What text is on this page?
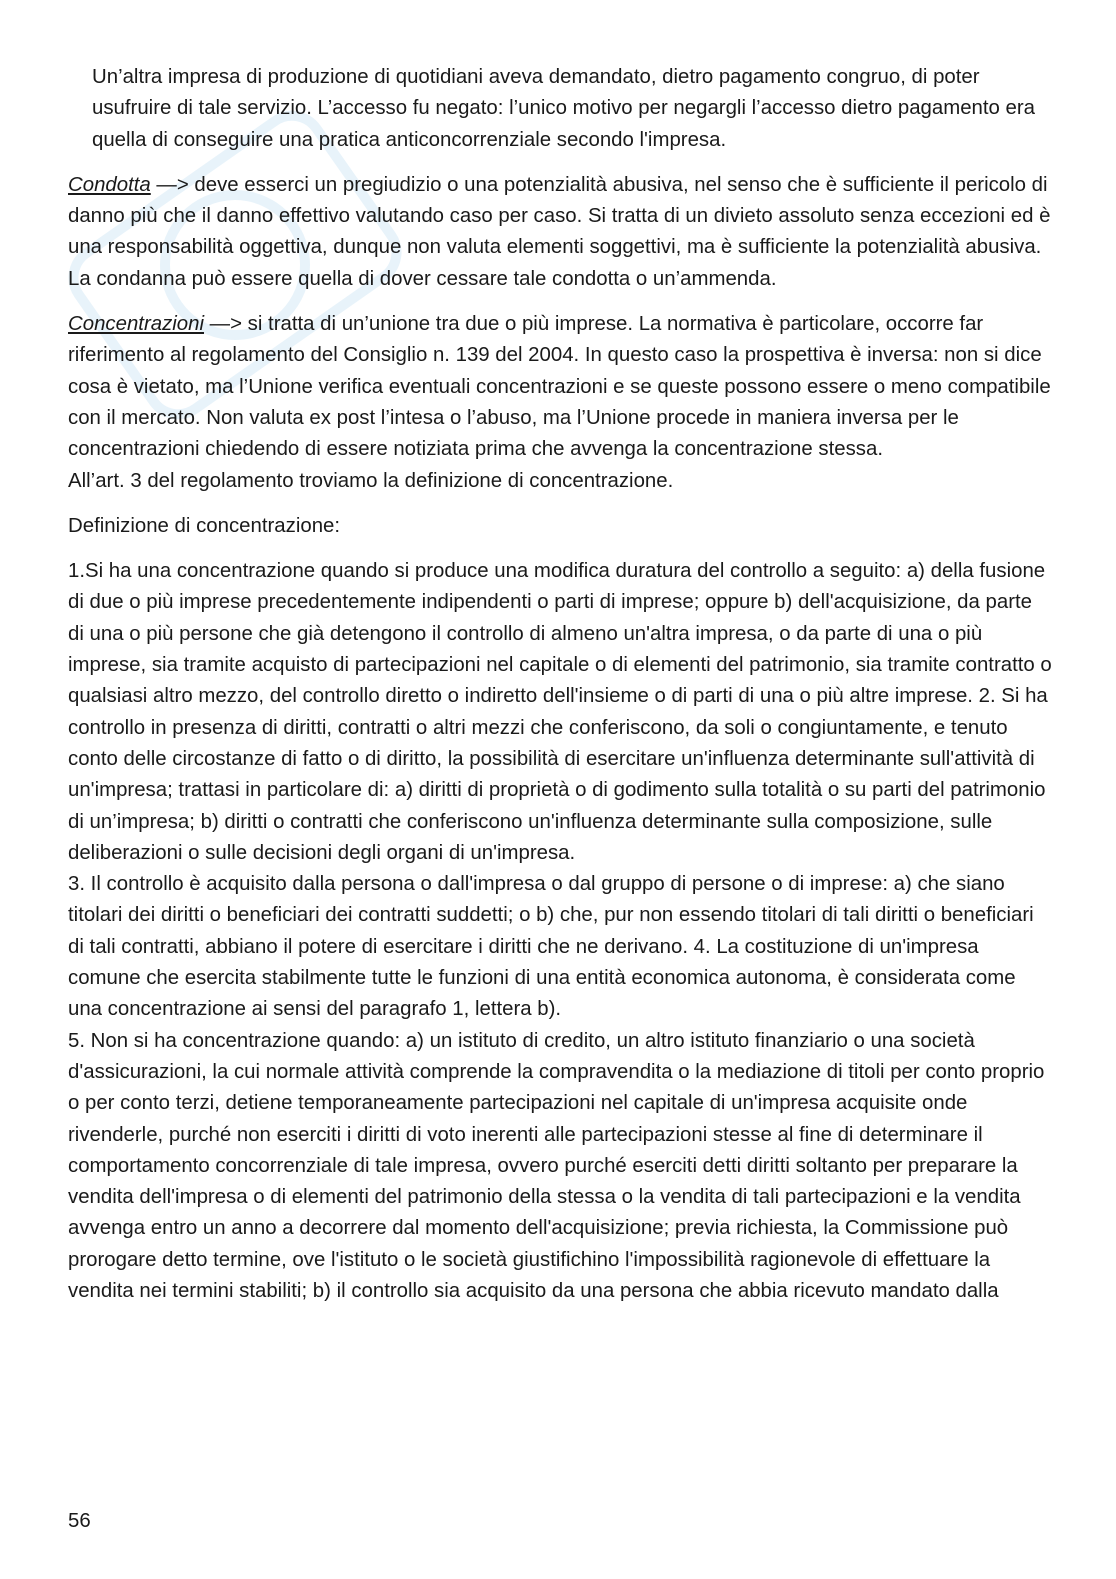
Un’altra impresa di produzione di quotidiani aveva demandato, dietro pagamento congruo, di poter usufruire di tale servizio. L’accesso fu negato: l’unico motivo per negargli l’accesso dietro pagamento era quella di conseguire una pratica anticoncorrenziale secondo l'impresa.

Condotta —> deve esserci un pregiudizio o una potenzialità abusiva, nel senso che è sufficiente il pericolo di danno più che il danno effettivo valutando caso per caso. Si tratta di un divieto assoluto senza eccezioni ed è una responsabilità oggettiva, dunque non valuta elementi soggettivi, ma è sufficiente la potenzialità abusiva. La condanna può essere quella di dover cessare tale condotta o un’ammenda.

Concentrazioni —> si tratta di un’unione tra due o più imprese. La normativa è particolare, occorre far riferimento al regolamento del Consiglio n. 139 del 2004. In questo caso la prospettiva è inversa: non si dice cosa è vietato, ma l’Unione verifica eventuali concentrazioni e se queste possono essere o meno compatibile con il mercato. Non valuta ex post l’intesa o l’abuso, ma l’Unione procede in maniera inversa per le concentrazioni chiedendo di essere notiziata prima che avvenga la concentrazione stessa.

All’art. 3 del regolamento troviamo la definizione di concentrazione.

Definizione di concentrazione:

1.Si ha una concentrazione quando si produce una modifica duratura del controllo a seguito: a) della fusione di due o più imprese precedentemente indipendenti o parti di imprese; oppure b) dell'acquisizione, da parte di una o più persone che già detengono il controllo di almeno un'altra impresa, o da parte di una o più imprese, sia tramite acquisto di partecipazioni nel capitale o di elementi del patrimonio, sia tramite contratto o qualsiasi altro mezzo, del controllo diretto o indiretto dell'insieme o di parti di una o più altre imprese. 2. Si ha controllo in presenza di diritti, contratti o altri mezzi che conferiscono, da soli o congiuntamente, e tenuto conto delle circostanze di fatto o di diritto, la possibilità di esercitare un'influenza determinante sull'attività di un'impresa; trattasi in particolare di: a) diritti di proprietà o di godimento sulla totalità o su parti del patrimonio di un’impresa; b) diritti o contratti che conferiscono un'influenza determinante sulla composizione, sulle deliberazioni o sulle decisioni degli organi di un'impresa.

3. Il controllo è acquisito dalla persona o dall'impresa o dal gruppo di persone o di imprese: a) che siano titolari dei diritti o beneficiari dei contratti suddetti; o b) che, pur non essendo titolari di tali diritti o beneficiari di tali contratti, abbiano il potere di esercitare i diritti che ne derivano. 4. La costituzione di un'impresa comune che esercita stabilmente tutte le funzioni di una entità economica autonoma, è considerata come una concentrazione ai sensi del paragrafo 1, lettera b).

5. Non si ha concentrazione quando: a) un istituto di credito, un altro istituto finanziario o una società d'assicurazioni, la cui normale attività comprende la compravendita o la mediazione di titoli per conto proprio o per conto terzi, detiene temporaneamente partecipazioni nel capitale di un'impresa acquisite onde rivenderle, purché non eserciti i diritti di voto inerenti alle partecipazioni stesse al fine di determinare il comportamento concorrenziale di tale impresa, ovvero purché eserciti detti diritti soltanto per preparare la vendita dell'impresa o di elementi del patrimonio della stessa o la vendita di tali partecipazioni e la vendita avvenga entro un anno a decorrere dal momento dell'acquisizione; previa richiesta, la Commissione può prorogare detto termine, ove l'istituto o le società giustifichino l'impossibilità ragionevole di effettuare la vendita nei termini stabiliti; b) il controllo sia acquisito da una persona che abbia ricevuto mandato dalla

56
